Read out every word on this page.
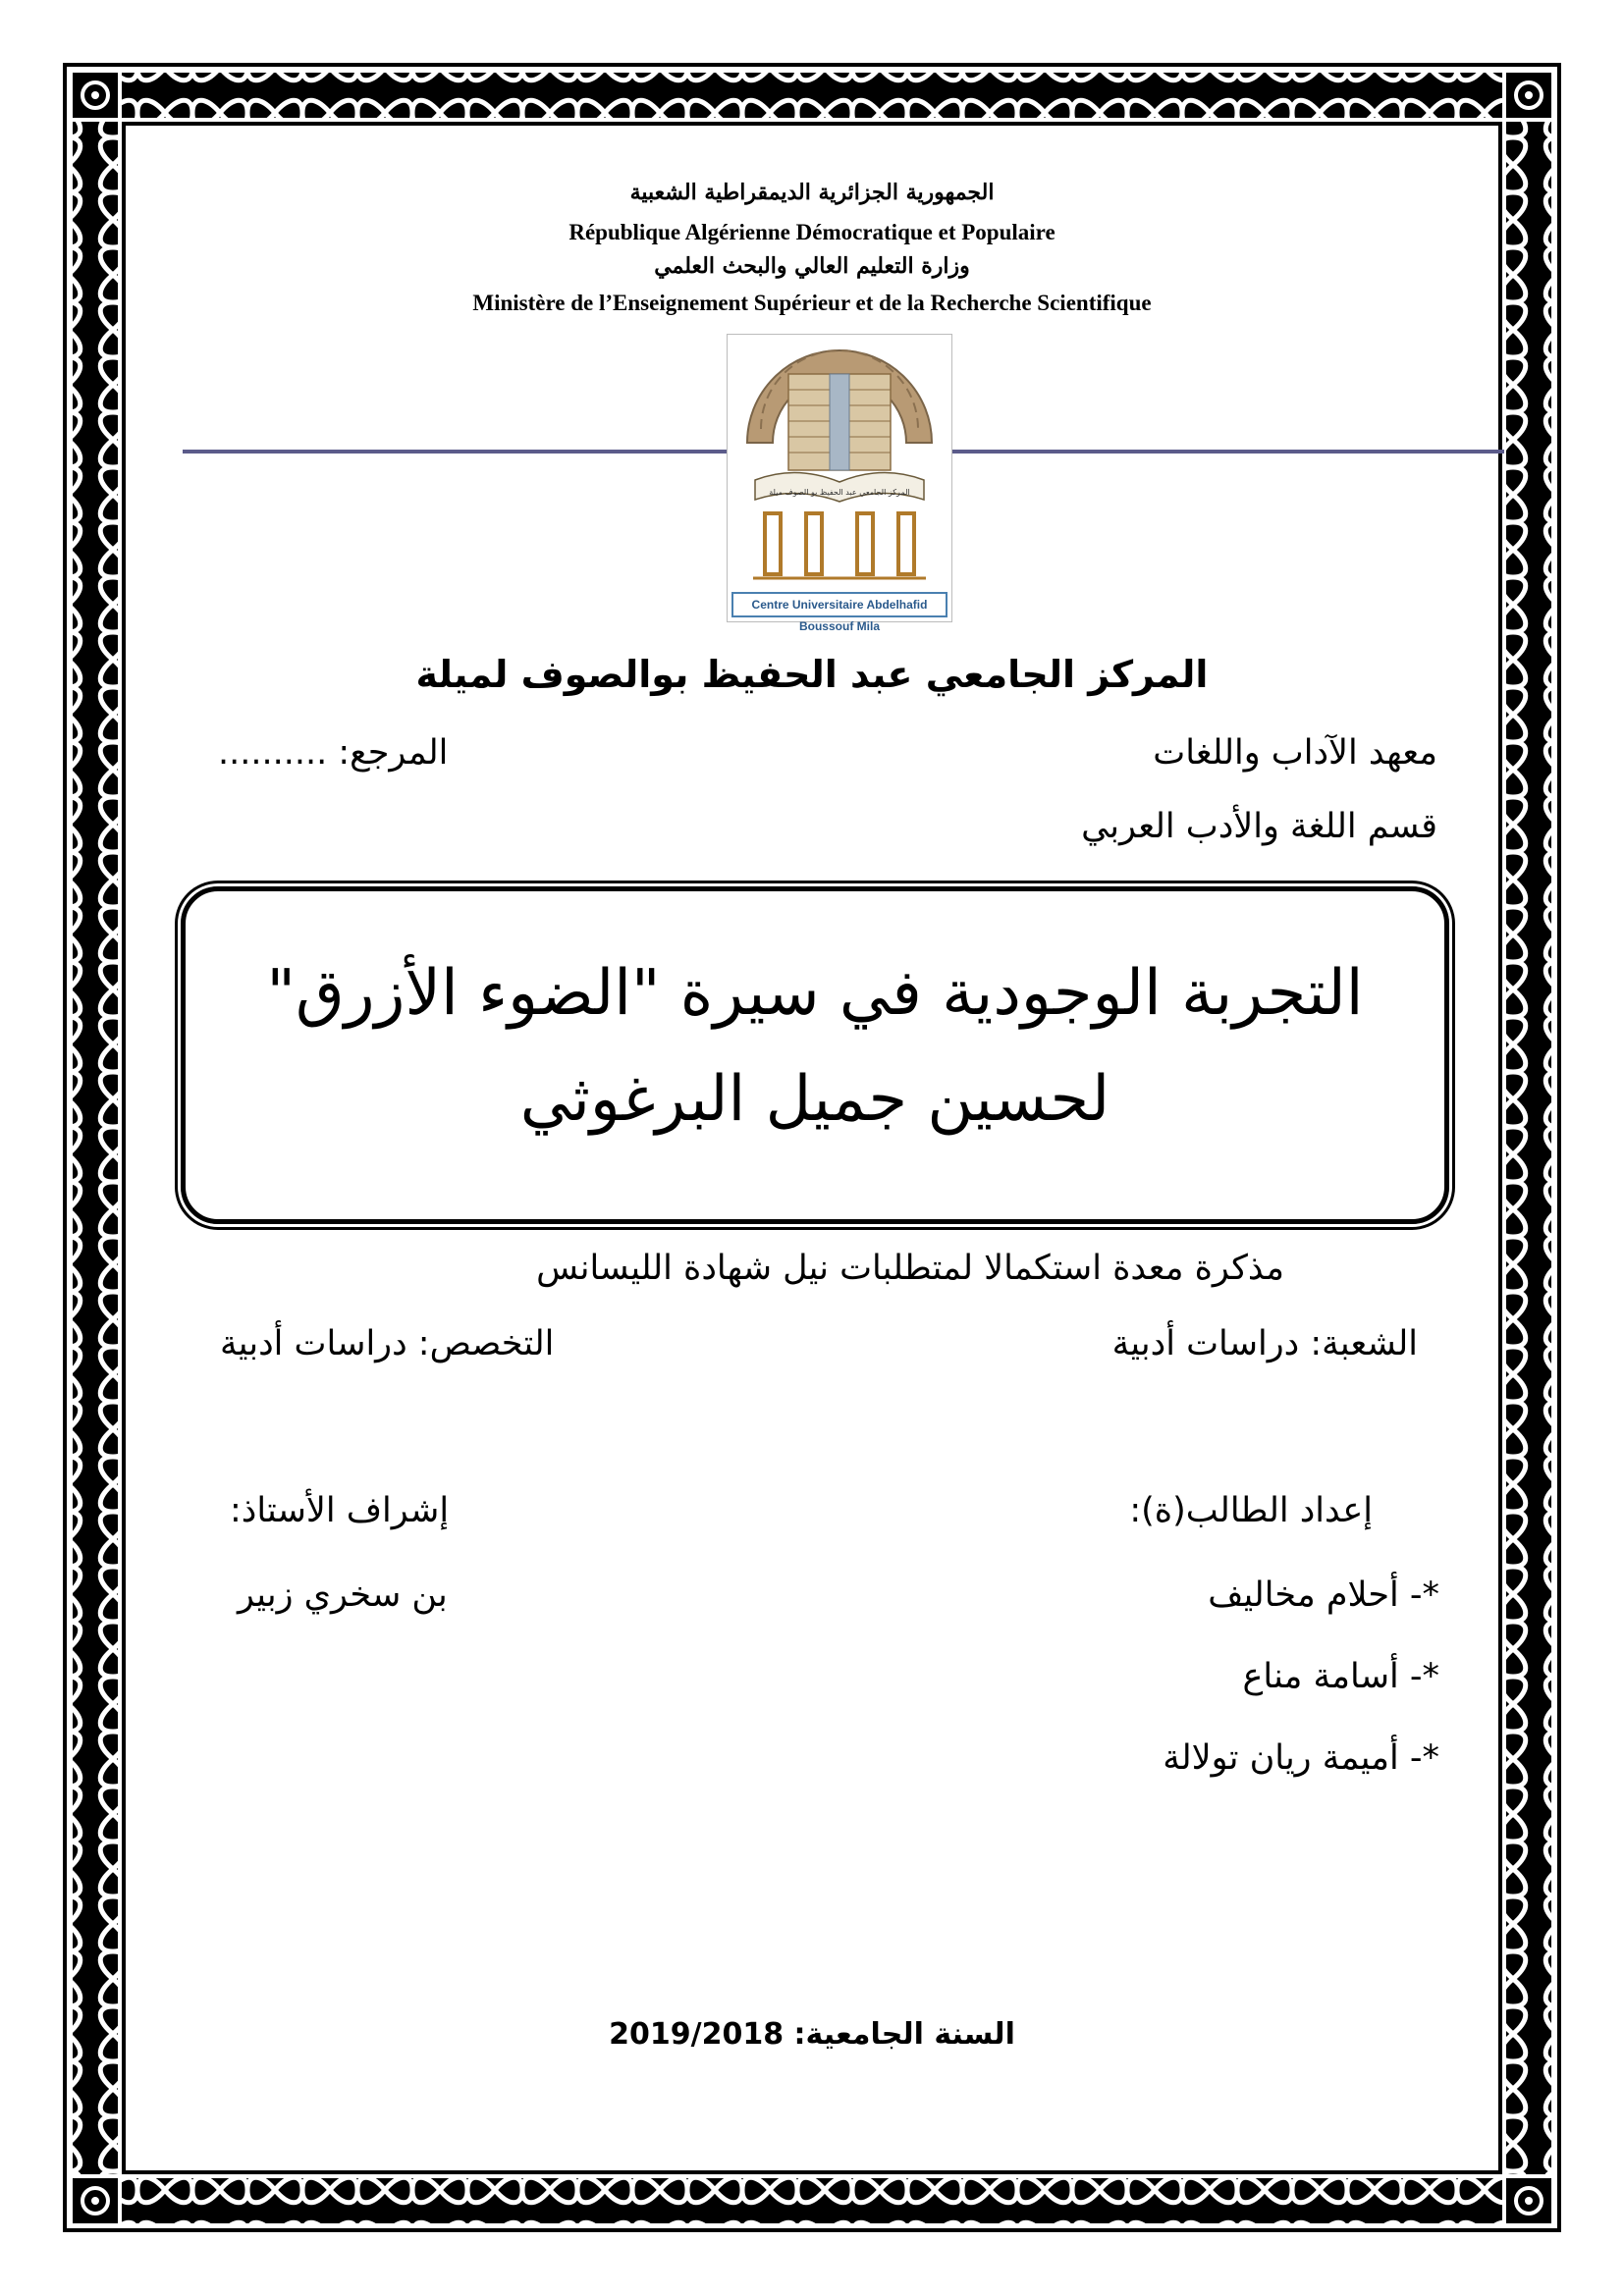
الجمهورية الجزائرية الديمقراطية الشعبية
République Algérienne Démocratique et Populaire
وزارة التعليم العالي والبحث العلمي
Ministère de l’Enseignement Supérieur et de la Recherche Scientifique
المركز الجامعي عبد الحفيظ بو الصوف ميلة
Centre Universitaire Abdelhafid Boussouf Mila
المركز الجامعي عبد الحفيظ بوالصوف لميلة
معهد الآداب واللغات
المرجع: ..........
قسم اللغة والأدب العربي
التجربة الوجودية في سيرة "الضوء الأزرق" لحسين جميل البرغوثي
مذكرة معدة استكمالا لمتطلبات نيل شهادة الليسانس
الشعبة: دراسات أدبية
التخصص: دراسات أدبية
إعداد الطالب(ة):
*- أحلام مخاليف
*- أسامة مناع
*- أميمة ريان تولالة
إشراف الأستاذ:
بن سخري زبير
السنة الجامعية: 2019/2018
